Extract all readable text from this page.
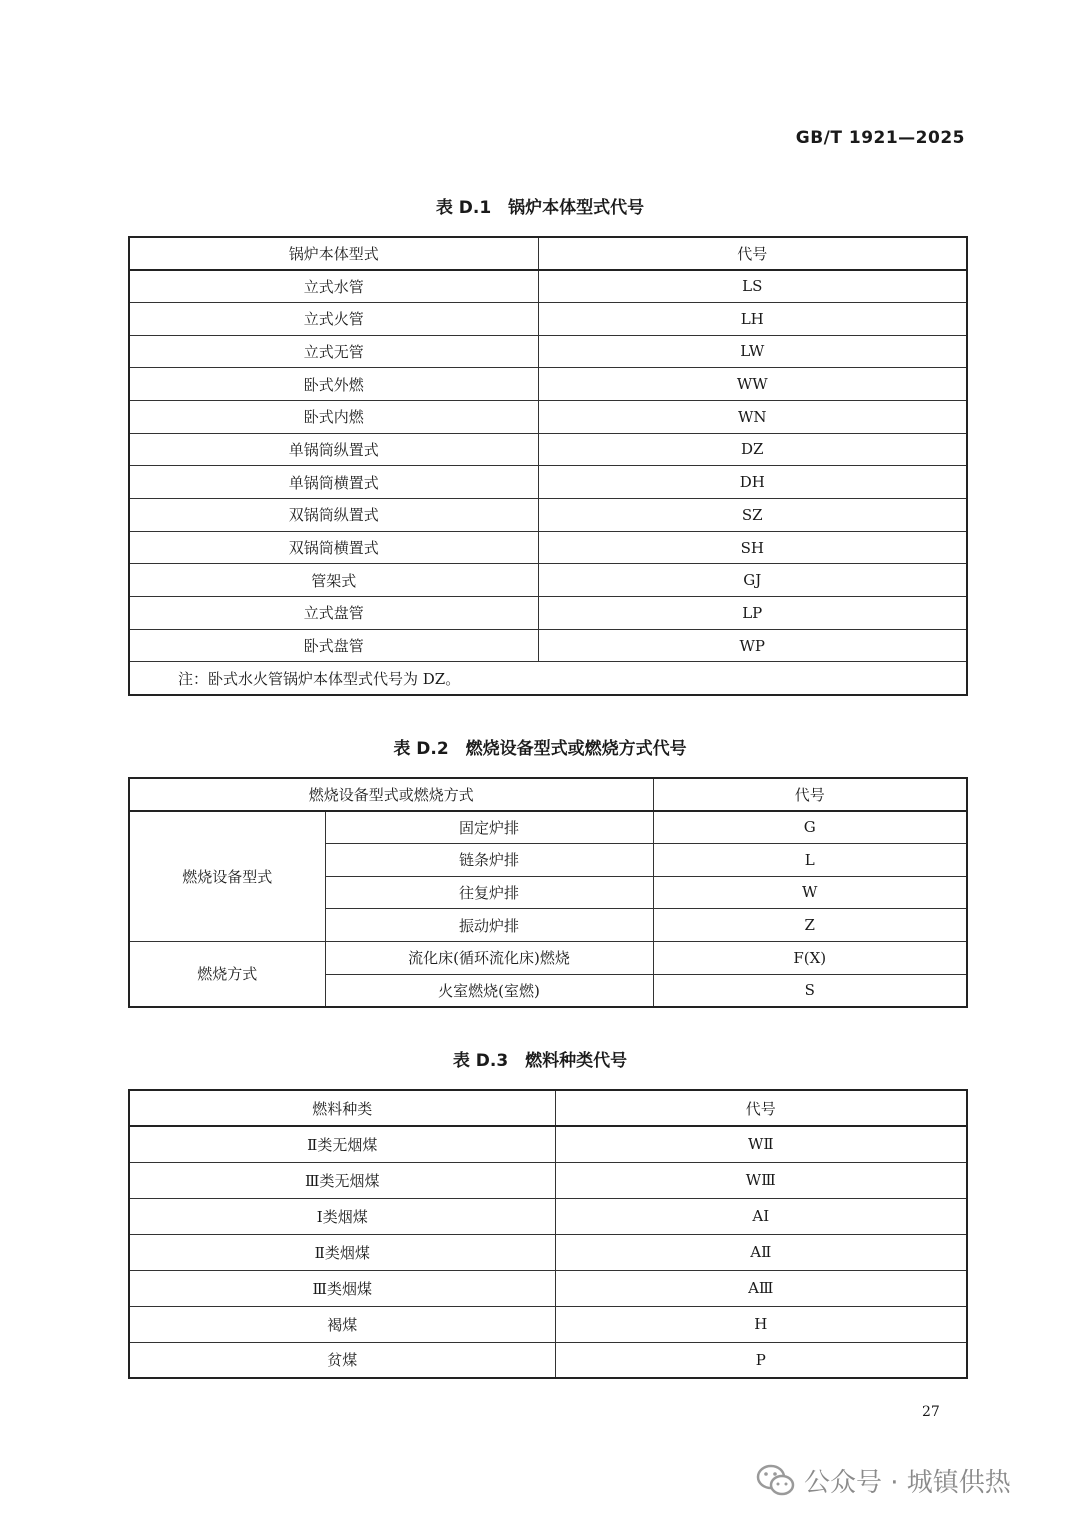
GB/T 1921—2025
表 D.1　锅炉本体型式代号
锅炉本体型式	代号
立式水管	LS
立式火管	LH
立式无管	LW
卧式外燃	WW
卧式内燃	WN
单锅筒纵置式	DZ
单锅筒横置式	DH
双锅筒纵置式	SZ
双锅筒横置式	SH
管架式	GJ
立式盘管	LP
卧式盘管	WP
注：卧式水火管锅炉本体型式代号为 DZ。	
表 D.2　燃烧设备型式或燃烧方式代号
燃烧设备型式或燃烧方式		代号
燃烧设备型式	固定炉排	G
	链条炉排	L
	往复炉排	W
	振动炉排	Z
燃烧方式	流化床(循环流化床)燃烧	F(X)
	火室燃烧(室燃)	S
表 D.3　燃料种类代号
燃料种类	代号
Ⅱ类无烟煤	WⅡ
Ⅲ类无烟煤	WⅢ
Ⅰ类烟煤	AⅠ
Ⅱ类烟煤	AⅡ
Ⅲ类烟煤	AⅢ
褐煤	H
贫煤	P
27
公众号 · 城镇供热
